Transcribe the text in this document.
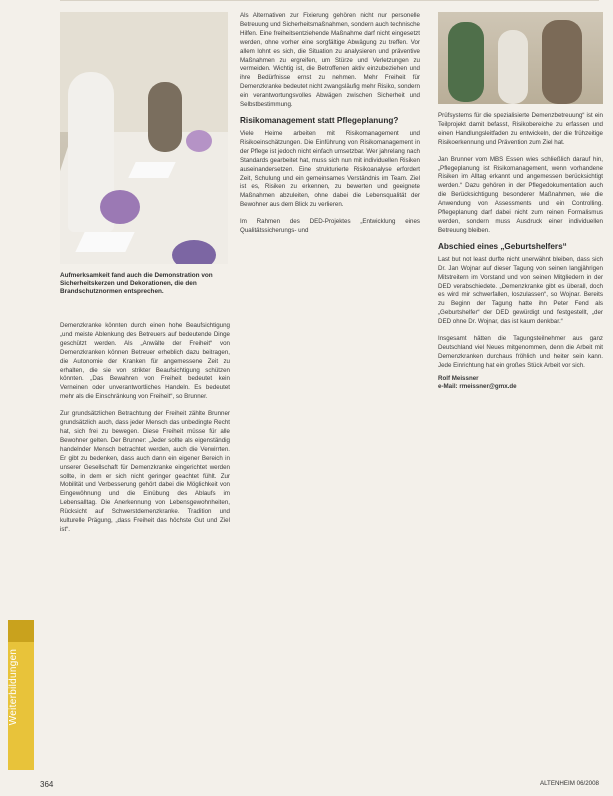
Aufmerksamkeit fand auch die Demonstration von Sicherheitskerzen und Dekorationen, die den Brandschutznormen entsprechen.

Demenzkranke könnten durch einen hohe Beaufsichtigung „und meiste Ablenkung des Betreuers auf bedeutende Dinge geschützt werden. Als „Anwälte der Freiheit“ von Demenzkranken können Betreuer erheblich dazu beitragen, die Autonomie der Kranken für angemessene Zeit zu erhalten, die sie von strikter Beaufsichtigung schützen könnten. „Das Bewahren von Freiheit bedeutet kein Verneinen oder unverantwortliches Handeln. Es bedeutet mehr als die Einschränkung von Freiheit“, so Brunner.

Zur grundsätzlichen Betrachtung der Freiheit zählte Brunner grundsätzlich auch, dass jeder Mensch das unbedingte Recht hat, sich frei zu bewegen. Diese Freiheit müsse für alle Bewohner gelten. Der Brunner: „Jeder sollte als eigenständig handelnder Mensch betrachtet werden, auch die Verwirrten. Er gibt zu bedenken, dass auch dann ein eigener Bereich in unserer Gesellschaft für Demenzkranke eingerichtet werden sollte, in dem er sich nicht geringer geachtet fühlt. Zur Mobilität und Verbesserung gehört dabei die Möglichkeit von Eingewöhnung und die Einübung des Ablaufs im Lebensalltag. Die Anerkennung von Lebensgewohnheiten, Rücksicht auf Schwerstdemenzkranke. Tradition und kulturelle Prägung, „dass Freiheit das höchste Gut und Ziel ist“.

Als Alternativen zur Fixierung gehören nicht nur personelle Betreuung und Sicherheitsmaßnahmen, sondern auch technische Hilfen. Eine freiheitsentziehende Maßnahme darf nicht eingesetzt werden, ohne vorher eine sorgfältige Abwägung zu treffen. Vor allem lohnt es sich, die Situation zu analysieren und präventive Maßnahmen zu ergreifen, um Stürze und Verletzungen zu vermeiden. Wichtig ist, die Betroffenen aktiv einzubeziehen und ihre Bedürfnisse ernst zu nehmen. Mehr Freiheit für Demenzkranke bedeutet nicht zwangsläufig mehr Risiko, sondern ein verantwortungsvolles Abwägen zwischen Sicherheit und Selbstbestimmung.

Risikomanagement statt Pflegeplanung?

Viele Heime arbeiten mit Risikomanagement und Risikoeinschätzungen. Die Einführung von Risikomanagement in der Pflege ist jedoch nicht einfach umsetzbar. Wer jahrelang nach Standards gearbeitet hat, muss sich nun mit individuellen Risiken auseinandersetzen. Eine strukturierte Risikoanalyse erfordert Zeit, Schulung und ein gemeinsames Verständnis im Team. Ziel ist es, Risiken zu erkennen, zu bewerten und geeignete Maßnahmen abzuleiten, ohne dabei die Lebensqualität der Bewohner aus dem Blick zu verlieren.

Im Rahmen des DED-Projektes „Entwicklung eines Qualitätssicherungs- und

Prüfsystems für die spezialisierte Demenzbetreuung“ ist ein Teilprojekt damit befasst, Risikobereiche zu erfassen und einen Handlungsleitfaden zu entwickeln, der die frühzeitige Risikoerkennung und Prävention zum Ziel hat.

Jan Brunner vom MBS Essen wies schließlich darauf hin, „Pflegeplanung ist Risikomanagement, wenn vorhandene Risiken im Alltag erkannt und angemessen berücksichtigt werden.“ Dazu gehören in der Pflegedokumentation auch die Berücksichtigung besonderer Maßnahmen, wie die Anwendung von Assessments und ein Controlling. Pflegeplanung darf dabei nicht zum reinen Formalismus werden, sondern muss Ausdruck einer individuellen Betreuung bleiben.

Abschied eines „Geburtshelfers“

Last but not least durfte nicht unerwähnt bleiben, dass sich Dr. Jan Wojnar auf dieser Tagung von seinen langjährigen Mitstreitern im Vorstand und von seinen Mitgliedern in der DED verabschiedete. „Demenzkranke gibt es überall, doch es wird mir schwerfallen, loszulassen“, so Wojnar. Bereits zu Beginn der Tagung hatte ihn Peter Fend als „Geburtshelfer“ der DED gewürdigt und festgestellt, „der DED ohne Dr. Wojnar, das ist kaum denkbar.“

Insgesamt hätten die Tagungsteilnehmer aus ganz Deutschland viel Neues mitgenommen, denn die Arbeit mit Demenzkranken durchaus fröhlich und heiter sein kann. Jede Einrichtung hat ein großes Stück Arbeit vor sich.

Rolf Meissner
e-Mail: rmeissner@gmx.de
Weiterbildungen
364	ALTENHEIM 06/2008
